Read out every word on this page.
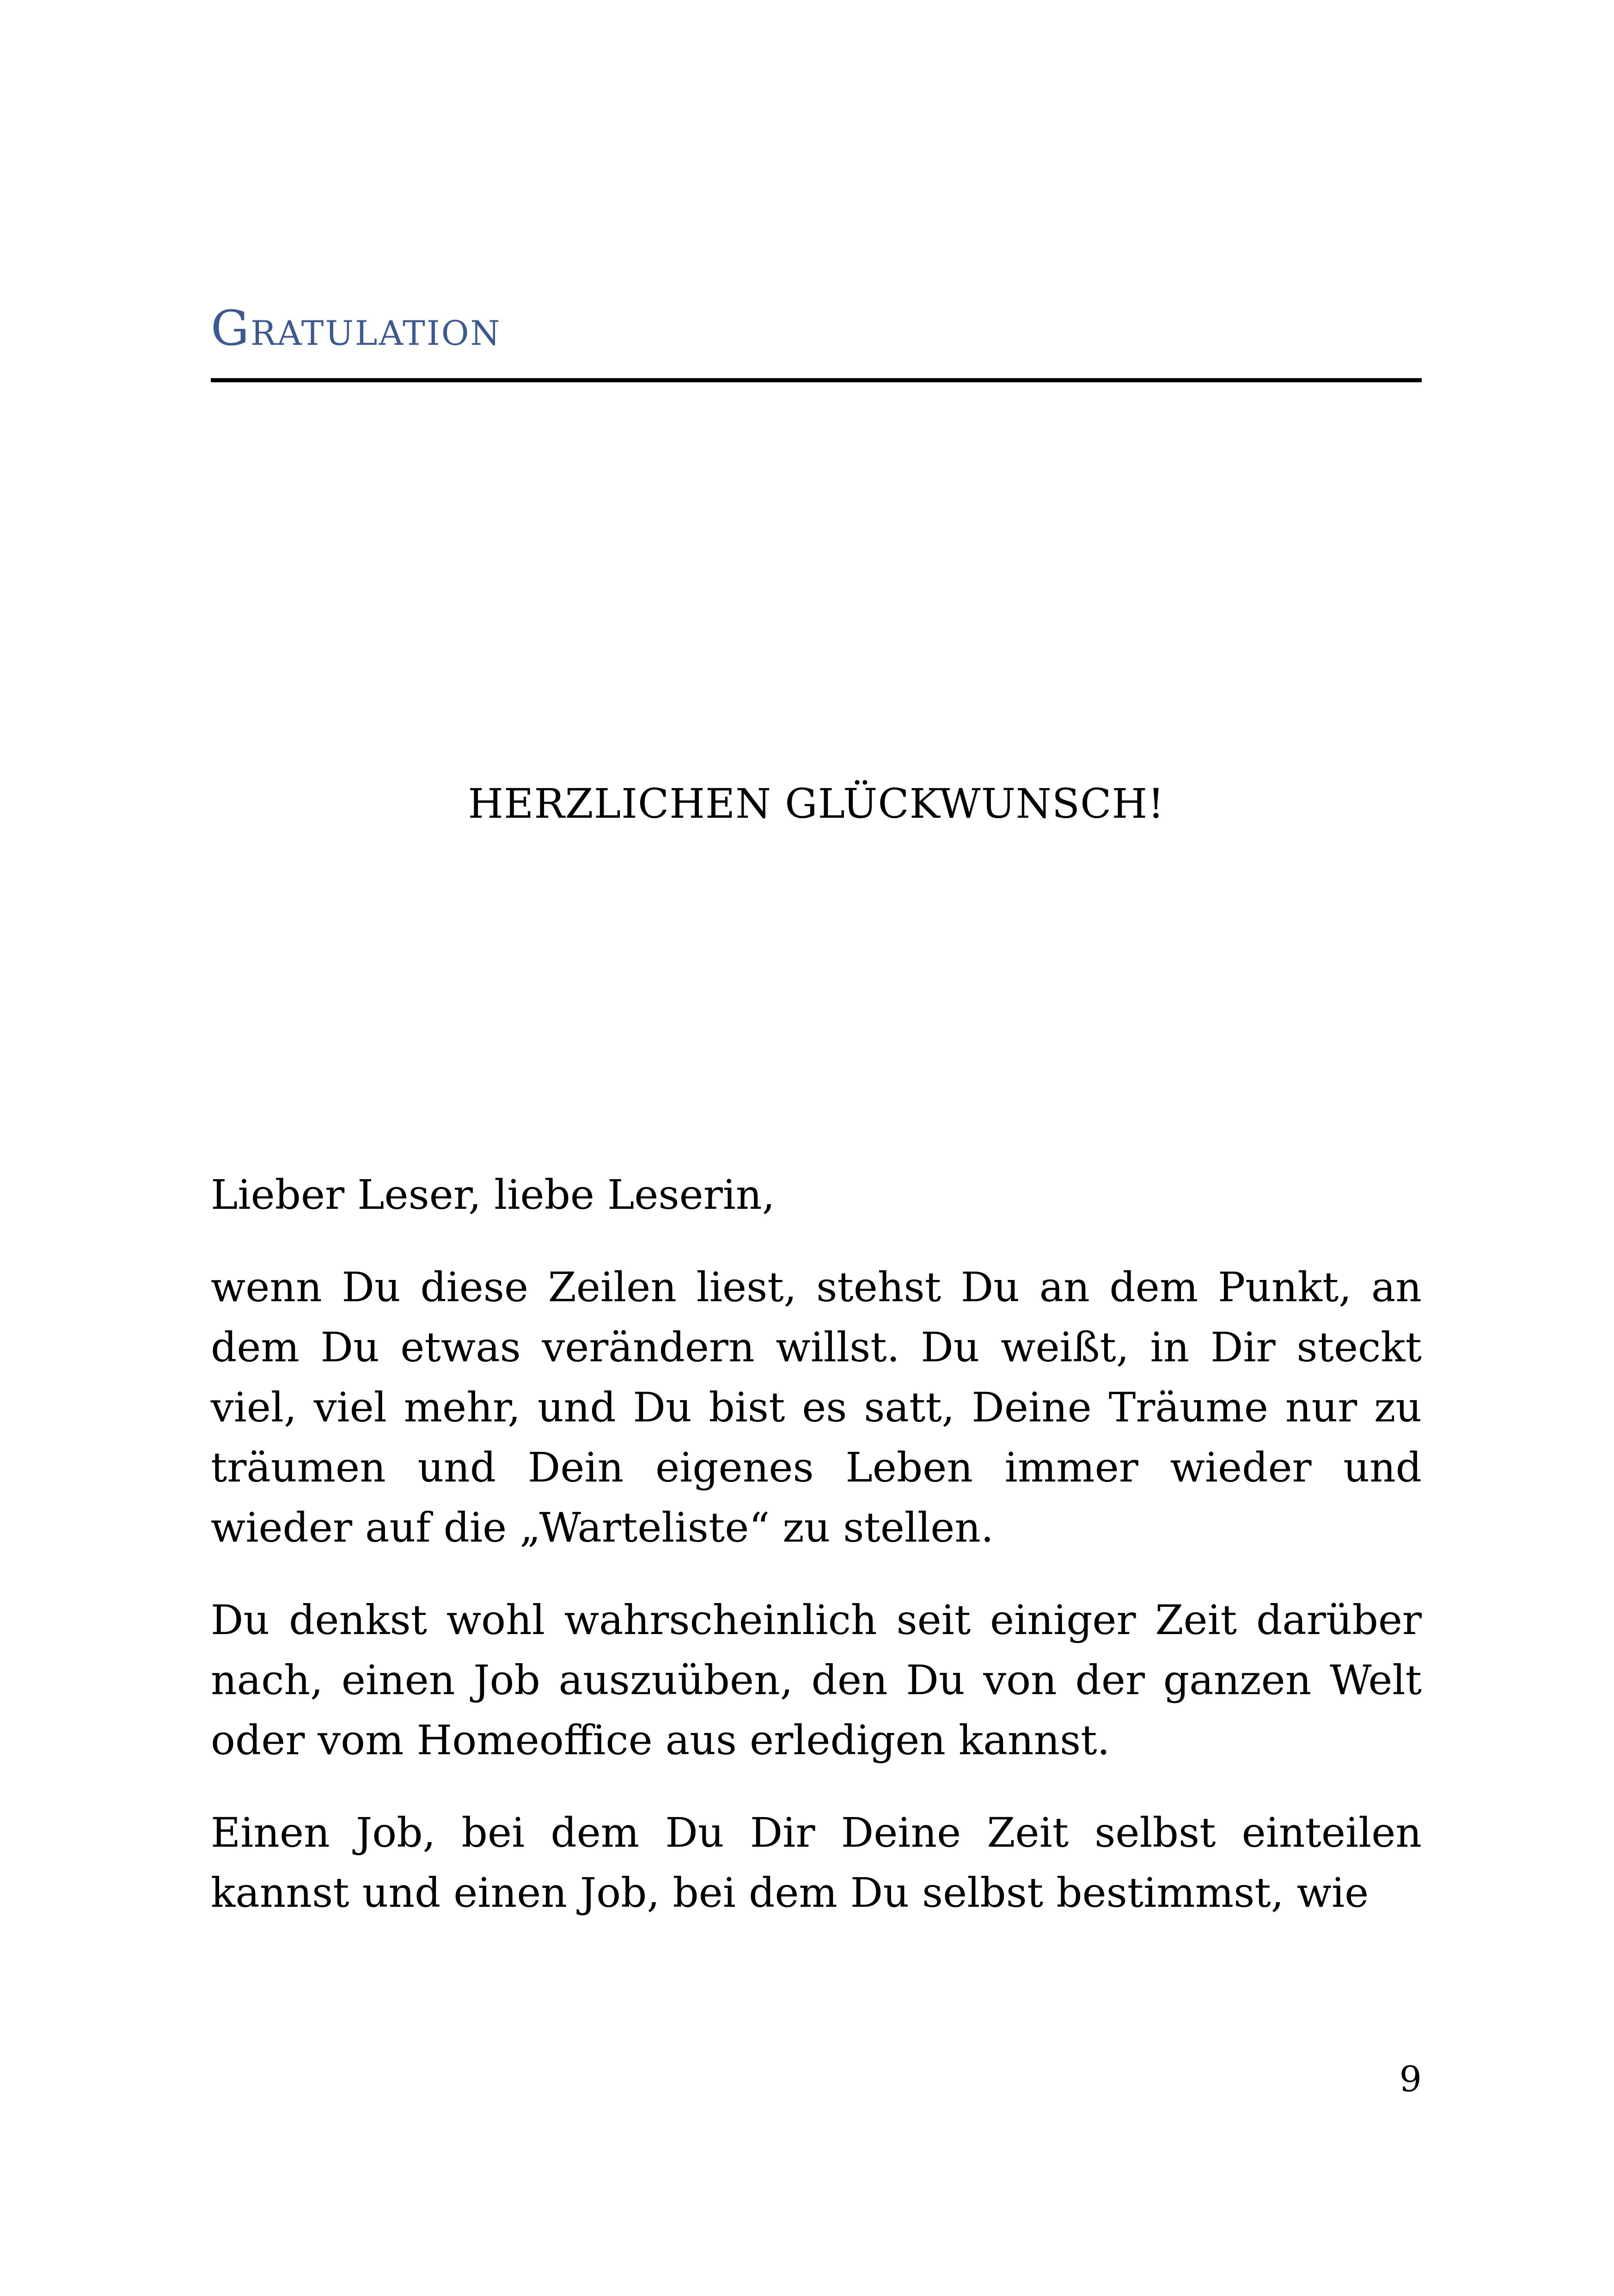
Gratulation
HERZLICHEN GLÜCKWUNSCH!

Lieber Leser, liebe Leserin,

wenn Du diese Zeilen liest, stehst Du an dem Punkt, an dem Du etwas verändern willst. Du weißt, in Dir steckt viel, viel mehr, und Du bist es satt, Deine Träume nur zu träumen und Dein eigenes Leben immer wieder und wieder auf die „Warteliste“ zu stellen.

Du denkst wohl wahrscheinlich seit einiger Zeit darüber nach, einen Job auszuüben, den Du von der ganzen Welt oder vom Homeoffice aus erledigen kannst.

Einen Job, bei dem Du Dir Deine Zeit selbst einteilen kannst und einen Job, bei dem Du selbst bestimmst, wie

9
